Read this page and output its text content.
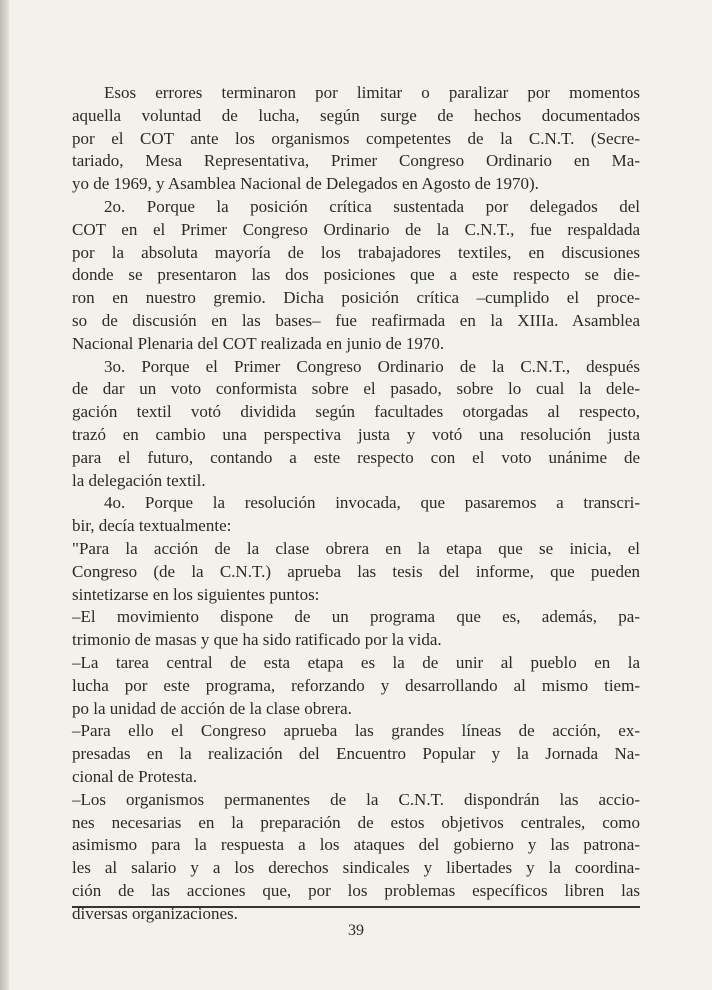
Esos errores terminaron por limitar o paralizar por momentos
aquella voluntad de lucha, según surge de hechos documentados
por el COT ante los organismos competentes de la C.N.T. (Secre-
tariado, Mesa Representativa, Primer Congreso Ordinario en Ma-
yo de 1969, y Asamblea Nacional de Delegados en Agosto de 1970).
2o. Porque la posición crítica sustentada por delegados del
COT en el Primer Congreso Ordinario de la C.N.T., fue respaldada
por la absoluta mayoría de los trabajadores textiles, en discusiones
donde se presentaron las dos posiciones que a este respecto se die-
ron en nuestro gremio. Dicha posición crítica –cumplido el proce-
so de discusión en las bases– fue reafirmada en la XIIIa. Asamblea
Nacional Plenaria del COT realizada en junio de 1970.
3o. Porque el Primer Congreso Ordinario de la C.N.T., después
de dar un voto conformista sobre el pasado, sobre lo cual la dele-
gación textil votó dividida según facultades otorgadas al respecto,
trazó en cambio una perspectiva justa y votó una resolución justa
para el futuro, contando a este respecto con el voto unánime de
la delegación textil.
4o. Porque la resolución invocada, que pasaremos a transcri-
bir, decía textualmente:
"Para la acción de la clase obrera en la etapa que se inicia, el
Congreso (de la C.N.T.) aprueba las tesis del informe, que pueden
sintetizarse en los siguientes puntos:
–El movimiento dispone de un programa que es, además, pa-
trimonio de masas y que ha sido ratificado por la vida.
–La tarea central de esta etapa es la de unir al pueblo en la
lucha por este programa, reforzando y desarrollando al mismo tiem-
po la unidad de acción de la clase obrera.
–Para ello el Congreso aprueba las grandes líneas de acción, ex-
presadas en la realización del Encuentro Popular y la Jornada Na-
cional de Protesta.
–Los organismos permanentes de la C.N.T. dispondrán las accio-
nes necesarias en la preparación de estos objetivos centrales, como
asimismo para la respuesta a los ataques del gobierno y las patrona-
les al salario y a los derechos sindicales y libertades y la coordina-
ción de las acciones que, por los problemas específicos libren las
diversas organizaciones.
39
